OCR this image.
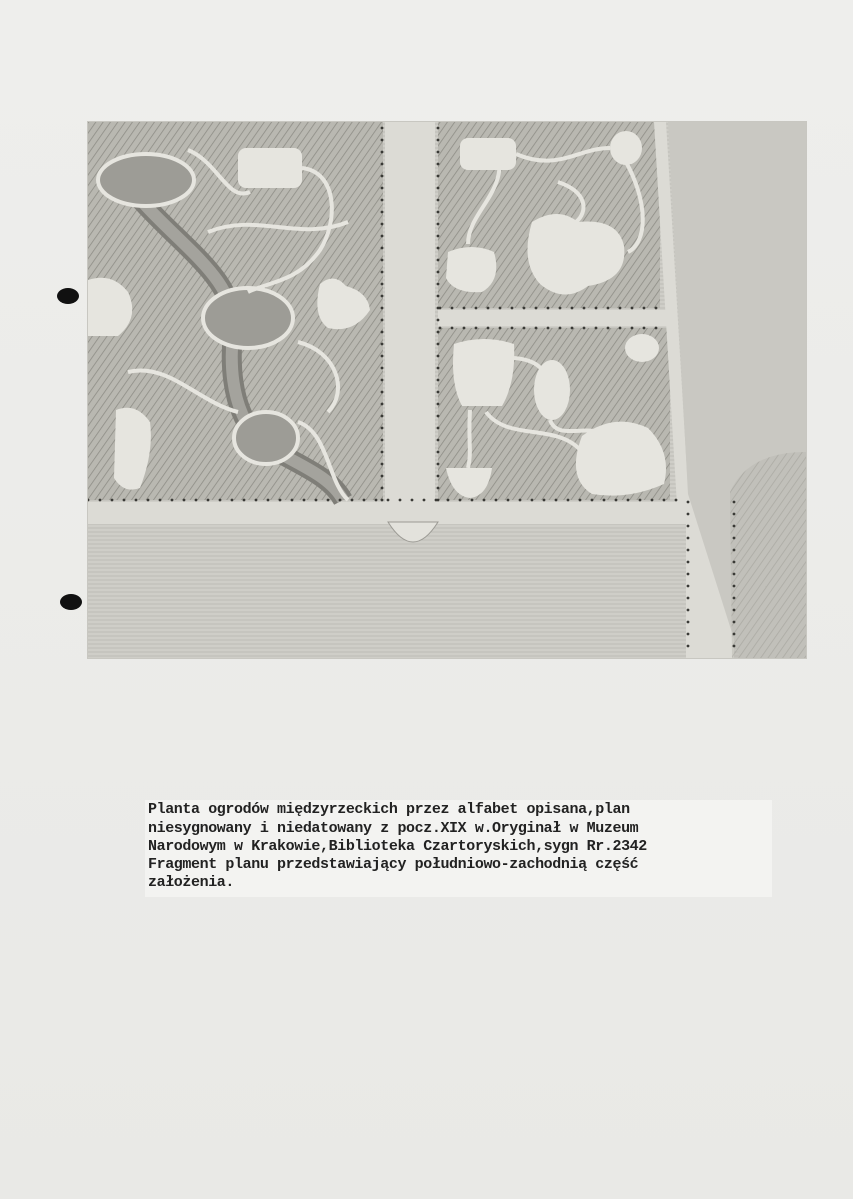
Planta ogrodów międzyrzeckich przez alfabet opisana,plan
niesygnowany i niedatowany z pocz.XIX w.Oryginał w Muzeum
Narodowym w Krakowie,Biblioteka Czartoryskich,sygn Rr.2342
Fragment planu przedstawiający południowo-zachodnią część
założenia.
